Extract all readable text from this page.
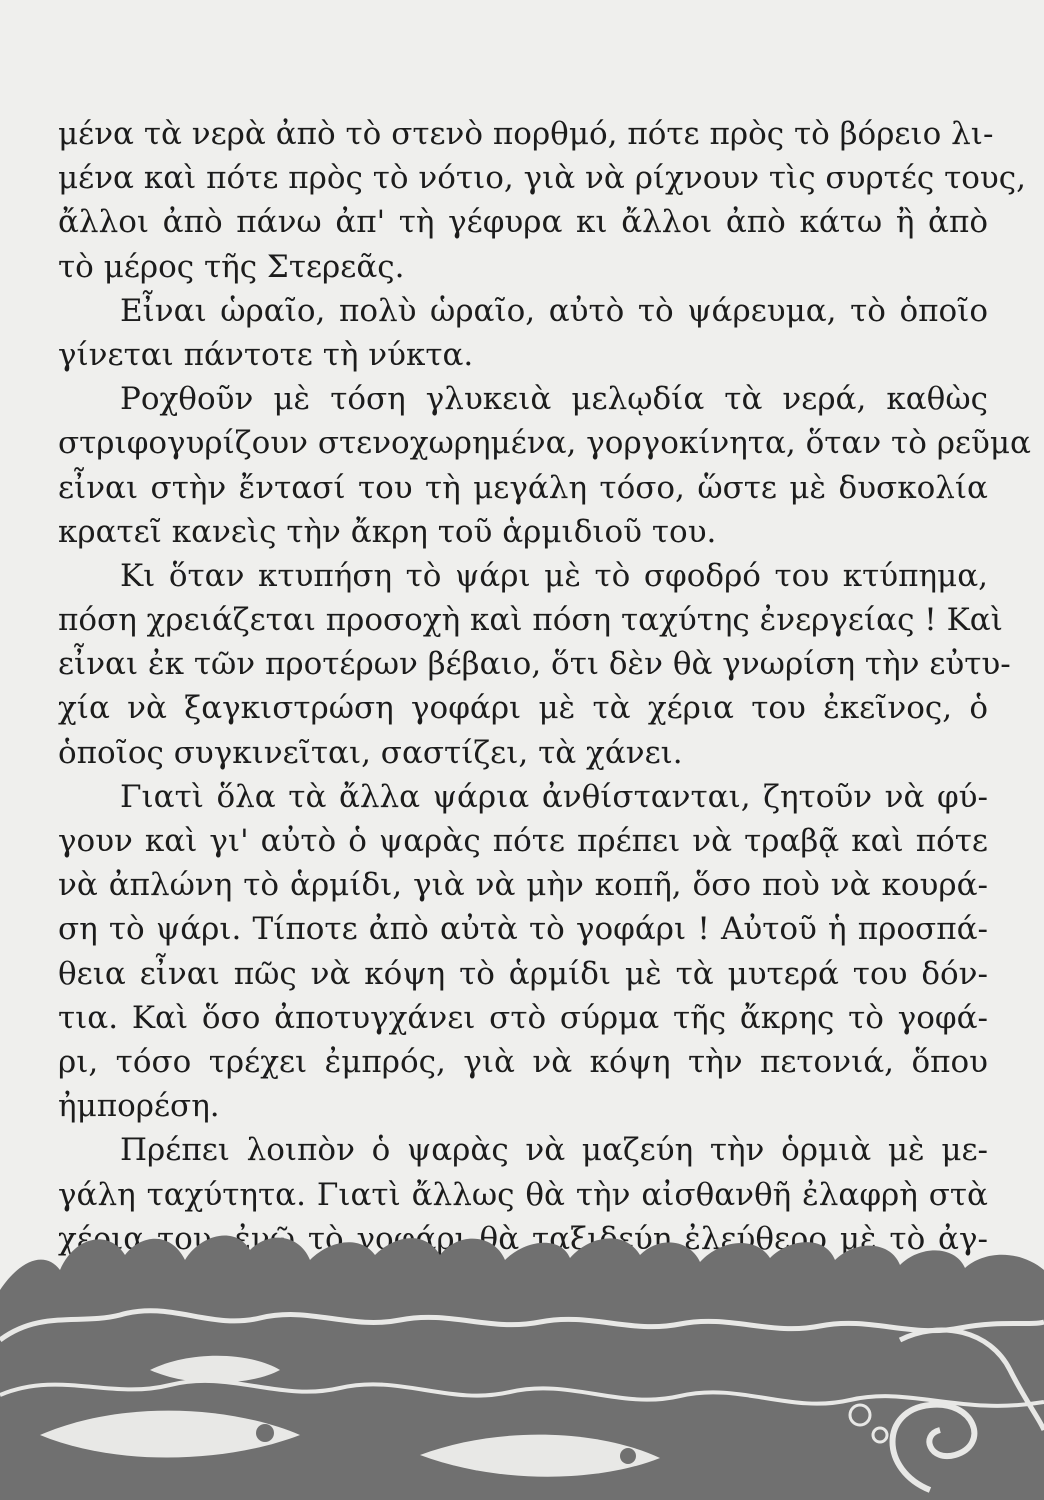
μένα τὰ νερὰ ἀπὸ τὸ στενὸ πορθμό, πότε πρὸς τὸ βόρειο λι-
μένα καὶ πότε πρὸς τὸ νότιο, γιὰ νὰ ρίχνουν τὶς συρτές τους,
ἄλλοι ἀπὸ πάνω ἀπ' τὴ γέφυρα κι ἄλλοι ἀπὸ κάτω ἢ ἀπὸ
τὸ μέρος τῆς Στερεᾶς.
Εἶναι ὡραῖο, πολὺ ὡραῖο, αὐτὸ τὸ ψάρευμα, τὸ ὁποῖο
γίνεται πάντοτε τὴ νύκτα.
Ροχθοῦν μὲ τόση γλυκειὰ μελῳδία τὰ νερά, καθὼς
στριφογυρίζουν στενοχωρημένα, γοργοκίνητα, ὅταν τὸ ρεῦμα
εἶναι στὴν ἔντασί του τὴ μεγάλη τόσο, ὥστε μὲ δυσκολία
κρατεῖ κανεὶς τὴν ἄκρη τοῦ ἁρμιδιοῦ του.
Κι ὅταν κτυπήση τὸ ψάρι μὲ τὸ σφοδρό του κτύπημα,
πόση χρειάζεται προσοχὴ καὶ πόση ταχύτης ἐνεργείας ! Καὶ
εἶναι ἐκ τῶν προτέρων βέβαιο, ὅτι δὲν θὰ γνωρίση τὴν εὐτυ-
χία νὰ ξαγκιστρώση γοφάρι μὲ τὰ χέρια του ἐκεῖνος, ὁ
ὁποῖος συγκινεῖται, σαστίζει, τὰ χάνει.
Γιατὶ ὅλα τὰ ἄλλα ψάρια ἀνθίστανται, ζητοῦν νὰ φύ-
γουν καὶ γι' αὐτὸ ὁ ψαρὰς πότε πρέπει νὰ τραβᾷ καὶ πότε
νὰ ἀπλώνη τὸ ἁρμίδι, γιὰ νὰ μὴν κοπῆ, ὅσο ποὺ νὰ κουρά-
ση τὸ ψάρι. Τίποτε ἀπὸ αὐτὰ τὸ γοφάρι ! Αὐτοῦ ἡ προσπά-
θεια εἶναι πῶς νὰ κόψη τὸ ἁρμίδι μὲ τὰ μυτερά του δόν-
τια. Καὶ ὅσο ἀποτυγχάνει στὸ σύρμα τῆς ἄκρης τὸ γοφά-
ρι, τόσο τρέχει ἐμπρός, γιὰ νὰ κόψη τὴν πετονιά, ὅπου
ἠμπορέση.
Πρέπει λοιπὸν ὁ ψαρὰς νὰ μαζεύη τὴν ὁρμιὰ μὲ με-
γάλη ταχύτητα. Γιατὶ ἄλλως θὰ τὴν αἰσθανθῆ ἐλαφρὴ στὰ
χέρια του, ἐνῷ τὸ γοφάρι θὰ ταξιδεύη ἐλεύθερο μὲ τὸ ἀγ-
